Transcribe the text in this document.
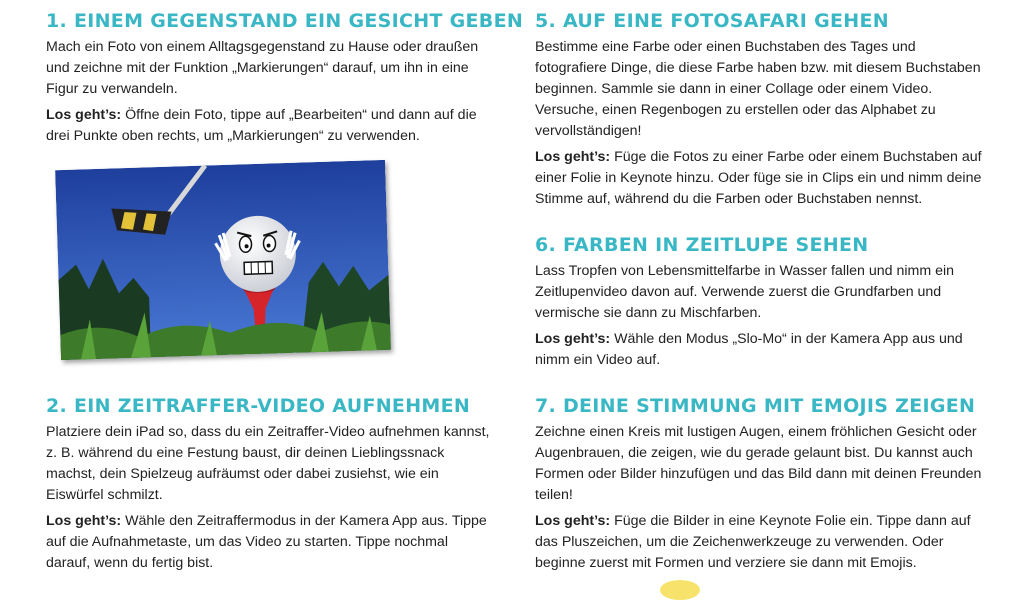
1. EINEM GEGENSTAND EIN GESICHT GEBEN

Mach ein Foto von einem Alltagsgegenstand zu Hause oder draußen und zeichne mit der Funktion „Markierungen“ darauf, um ihn in eine Figur zu verwandeln.

Los geht’s: Öffne dein Foto, tippe auf „Bearbeiten“ und dann auf die drei Punkte oben rechts, um „Markierungen“ zu verwenden.

2. EIN ZEITRAFFER-VIDEO AUFNEHMEN

Platziere dein iPad so, dass du ein Zeitraffer-Video aufnehmen kannst, z. B. während du eine Festung baust, dir deinen Lieblingssnack machst, dein Spielzeug aufräumst oder dabei zusiehst, wie ein Eiswürfel schmilzt.

Los geht’s: Wähle den Zeitraffermodus in der Kamera App aus. Tippe auf die Aufnahmetaste, um das Video zu starten. Tippe nochmal darauf, wenn du fertig bist.

5. AUF EINE FOTOSAFARI GEHEN

Bestimme eine Farbe oder einen Buchstaben des Tages und fotografiere Dinge, die diese Farbe haben bzw. mit diesem Buchstaben beginnen. Sammle sie dann in einer Collage oder einem Video. Versuche, einen Regenbogen zu erstellen oder das Alphabet zu vervollständigen!

Los geht’s: Füge die Fotos zu einer Farbe oder einem Buchstaben auf einer Folie in Keynote hinzu. Oder füge sie in Clips ein und nimm deine Stimme auf, während du die Farben oder Buchstaben nennst.

6. FARBEN IN ZEITLUPE SEHEN

Lass Tropfen von Lebensmittelfarbe in Wasser fallen und nimm ein Zeitlupenvideo davon auf. Verwende zuerst die Grundfarben und vermische sie dann zu Mischfarben.

Los geht’s: Wähle den Modus „Slo-Mo“ in der Kamera App aus und nimm ein Video auf.

7. DEINE STIMMUNG MIT EMOJIS ZEIGEN

Zeichne einen Kreis mit lustigen Augen, einem fröhlichen Gesicht oder Augenbrauen, die zeigen, wie du gerade gelaunt bist. Du kannst auch Formen oder Bilder hinzufügen und das Bild dann mit deinen Freunden teilen!

Los geht’s: Füge die Bilder in eine Keynote Folie ein. Tippe dann auf das Pluszeichen, um die Zeichenwerkzeuge zu verwenden. Oder beginne zuerst mit Formen und verziere sie dann mit Emojis.
